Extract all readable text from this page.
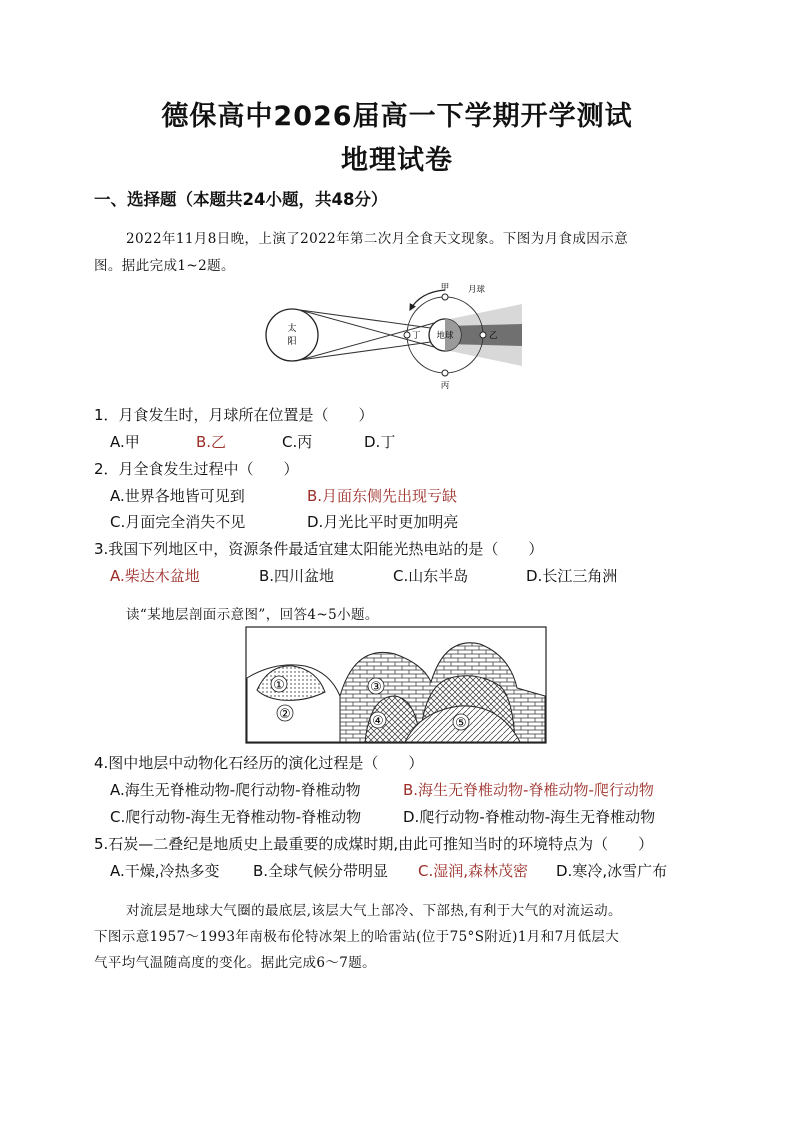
德保高中2026届高一下学期开学测试
地理试卷
一、选择题（本题共24小题，共48分）
2022年11月8日晚，上演了2022年第二次月全食天文现象。下图为月食成因示意
图。据此完成1~2题。
太
阳
地球
月球
甲
乙
丙
丁
1．月食发生时，月球所在位置是（　　）
A.甲	B.乙	C.丙	D.丁
2．月全食发生过程中（　　）
A.世界各地皆可见到	B.月面东侧先出现亏缺
C.月面完全消失不见	D.月光比平时更加明亮
3.我国下列地区中，资源条件最适宜建太阳能光热电站的是（　　）
A.柴达木盆地	B.四川盆地	C.山东半岛	D.长江三角洲
读“某地层剖面示意图”，回答4~5小题。
①
②
③
④	⑤
4.图中地层中动物化石经历的演化过程是（　　）
A.海生无脊椎动物-爬行动物-脊椎动物	B.海生无脊椎动物-脊椎动物-爬行动物
C.爬行动物-海生无脊椎动物-脊椎动物	D.爬行动物-脊椎动物-海生无脊椎动物
5.石炭—二叠纪是地质史上最重要的成煤时期,由此可推知当时的环境特点为（　　）
A.干燥,冷热多变 B.全球气候分带明显 C.湿润,森林茂密 D.寒冷,冰雪广布
对流层是地球大气圈的最底层,该层大气上部冷、下部热,有利于大气的对流运动。
下图示意1957～1993年南极布伦特冰架上的哈雷站(位于75°S附近)1月和7月低层大
气平均气温随高度的变化。据此完成6～7题。
